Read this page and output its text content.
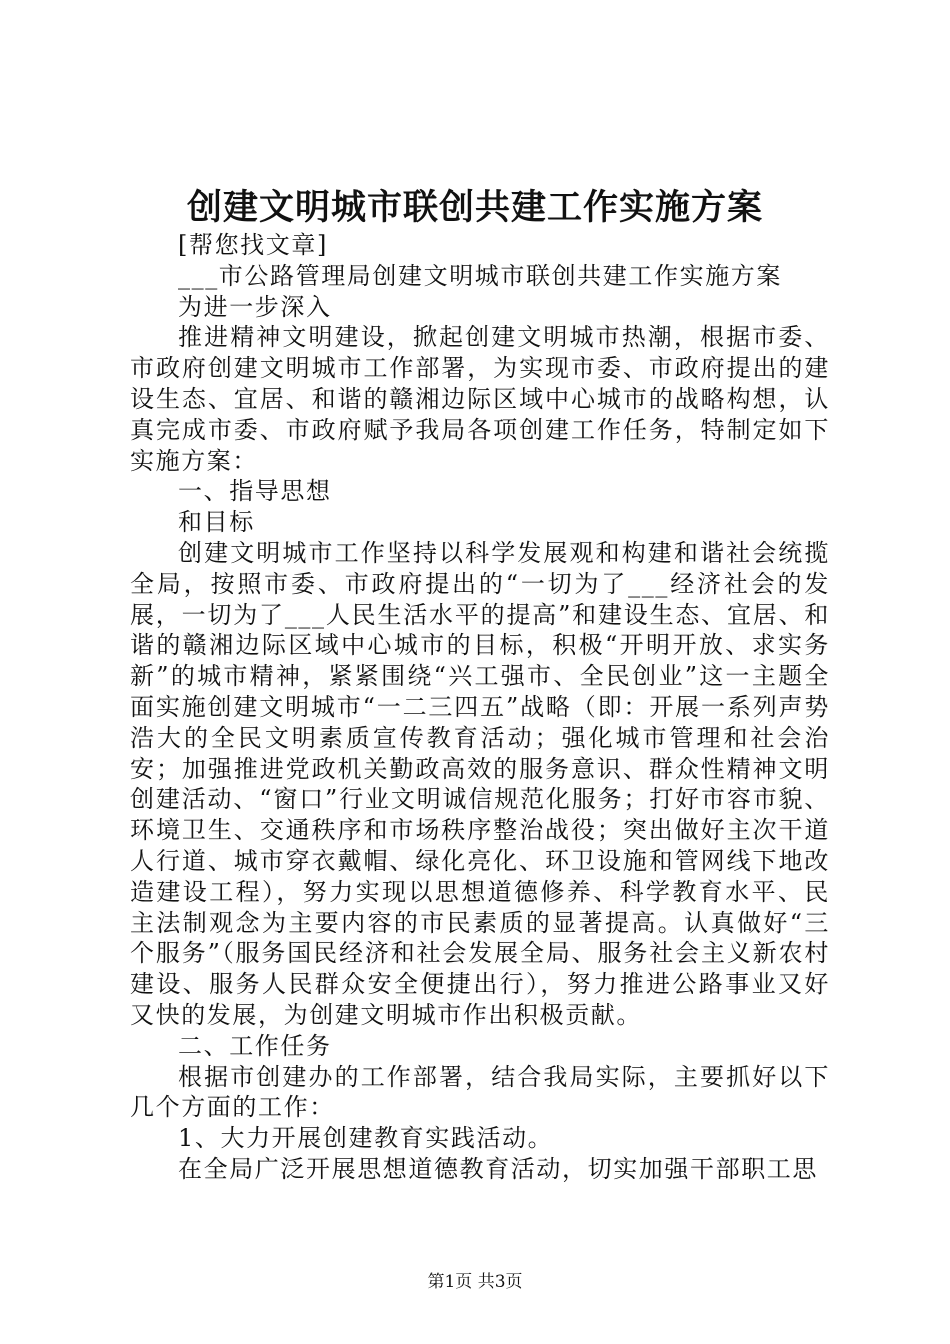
创建文明城市联创共建工作实施方案

[帮您找文章]

___市公路管理局创建文明城市联创共建工作实施方案

为进一步深入

推进精神文明建设，掀起创建文明城市热潮，根据市委、市政府创建文明城市工作部署，为实现市委、市政府提出的建设生态、宜居、和谐的赣湘边际区域中心城市的战略构想，认真完成市委、市政府赋予我局各项创建工作任务，特制定如下实施方案：

一、指导思想

和目标

创建文明城市工作坚持以科学发展观和构建和谐社会统揽全局，按照市委、市政府提出的“一切为了___经济社会的发展，一切为了___人民生活水平的提高”和建设生态、宜居、和谐的赣湘边际区域中心城市的目标，积极“开明开放、求实务新”的城市精神，紧紧围绕“兴工强市、全民创业”这一主题全面实施创建文明城市“一二三四五”战略（即：开展一系列声势浩大的全民文明素质宣传教育活动；强化城市管理和社会治安；加强推进党政机关勤政高效的服务意识、群众性精神文明创建活动、“窗口”行业文明诚信规范化服务；打好市容市貌、环境卫生、交通秩序和市场秩序整治战役；突出做好主次干道人行道、城市穿衣戴帽、绿化亮化、环卫设施和管网线下地改造建设工程），努力实现以思想道德修养、科学教育水平、民主法制观念为主要内容的市民素质的显著提高。认真做好“三个服务”（服务国民经济和社会发展全局、服务社会主义新农村建设、服务人民群众安全便捷出行），努力推进公路事业又好又快的发展，为创建文明城市作出积极贡献。

二、工作任务

根据市创建办的工作部署，结合我局实际，主要抓好以下几个方面的工作：

1、大力开展创建教育实践活动。

在全局广泛开展思想道德教育活动，切实加强干部职工思

第1页 共3页
